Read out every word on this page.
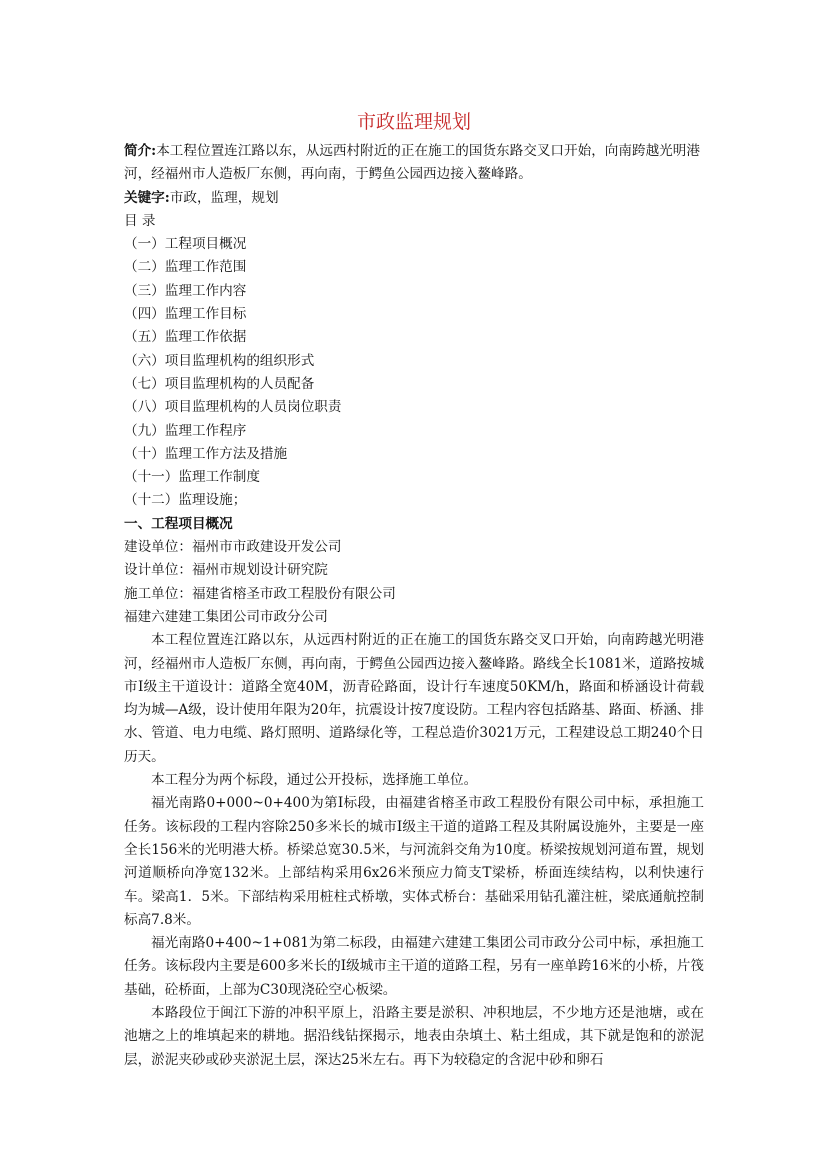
市政监理规划

简介:本工程位置连江路以东，从远西村附近的正在施工的国货东路交叉口开始，向南跨越光明港河，经福州市人造板厂东侧，再向南，于鳄鱼公园西边接入鳌峰路。

关键字:市政，监理，规划

目 录

（一）工程项目概况
（二）监理工作范围
（三）监理工作内容
（四）监理工作目标
（五）监理工作依据
（六）项目监理机构的组织形式
（七）项目监理机构的人员配备
（八）项目监理机构的人员岗位职责
（九）监理工作程序
（十）监理工作方法及措施
（十一）监理工作制度
（十二）监理设施；

一、工程项目概况

建设单位：福州市市政建设开发公司

设计单位：福州市规划设计研究院

施工单位：福建省榕圣市政工程股份有限公司

福建六建建工集团公司市政分公司

本工程位置连江路以东，从远西村附近的正在施工的国货东路交叉口开始，向南跨越光明港河，经福州市人造板厂东侧，再向南，于鳄鱼公园西边接入鳌峰路。路线全长1081米，道路按城市Ⅰ级主干道设计：道路全宽40M，沥青砼路面，设计行车速度50KM/h，路面和桥涵设计荷载均为城—A级，设计使用年限为20年，抗震设计按7度设防。工程内容包括路基、路面、桥涵、排水、管道、电力电缆、路灯照明、道路绿化等，工程总造价3021万元，工程建设总工期240个日历天。

本工程分为两个标段，通过公开投标，选择施工单位。

福光南路0+000~0+400为第Ⅰ标段，由福建省榕圣市政工程股份有限公司中标，承担施工任务。该标段的工程内容除250多米长的城市Ⅰ级主干道的道路工程及其附属设施外，主要是一座全长156米的光明港大桥。桥梁总宽30.5米，与河流斜交角为10度。桥梁按规划河道布置，规划河道顺桥向净宽132米。上部结构采用6x26米预应力简支T梁桥，桥面连续结构，以利快速行车。梁高1．5米。下部结构采用桩柱式桥墩，实体式桥台：基础采用钻孔灌注桩，梁底通航控制标高7.8米。

福光南路0+400~1+081为第二标段，由福建六建建工集团公司市政分公司中标，承担施工任务。该标段内主要是600多米长的Ⅰ级城市主干道的道路工程，另有一座单跨16米的小桥，片筏基础，砼桥面，上部为C30现浇砼空心板梁。

本路段位于闽江下游的冲积平原上，沿路主要是淤积、冲积地层，不少地方还是池塘，或在池塘之上的堆填起来的耕地。据沿线钻探揭示，地表由杂填土、粘土组成，其下就是饱和的淤泥层，淤泥夹砂或砂夹淤泥土层，深达25米左右。再下为较稳定的含泥中砂和卵石
